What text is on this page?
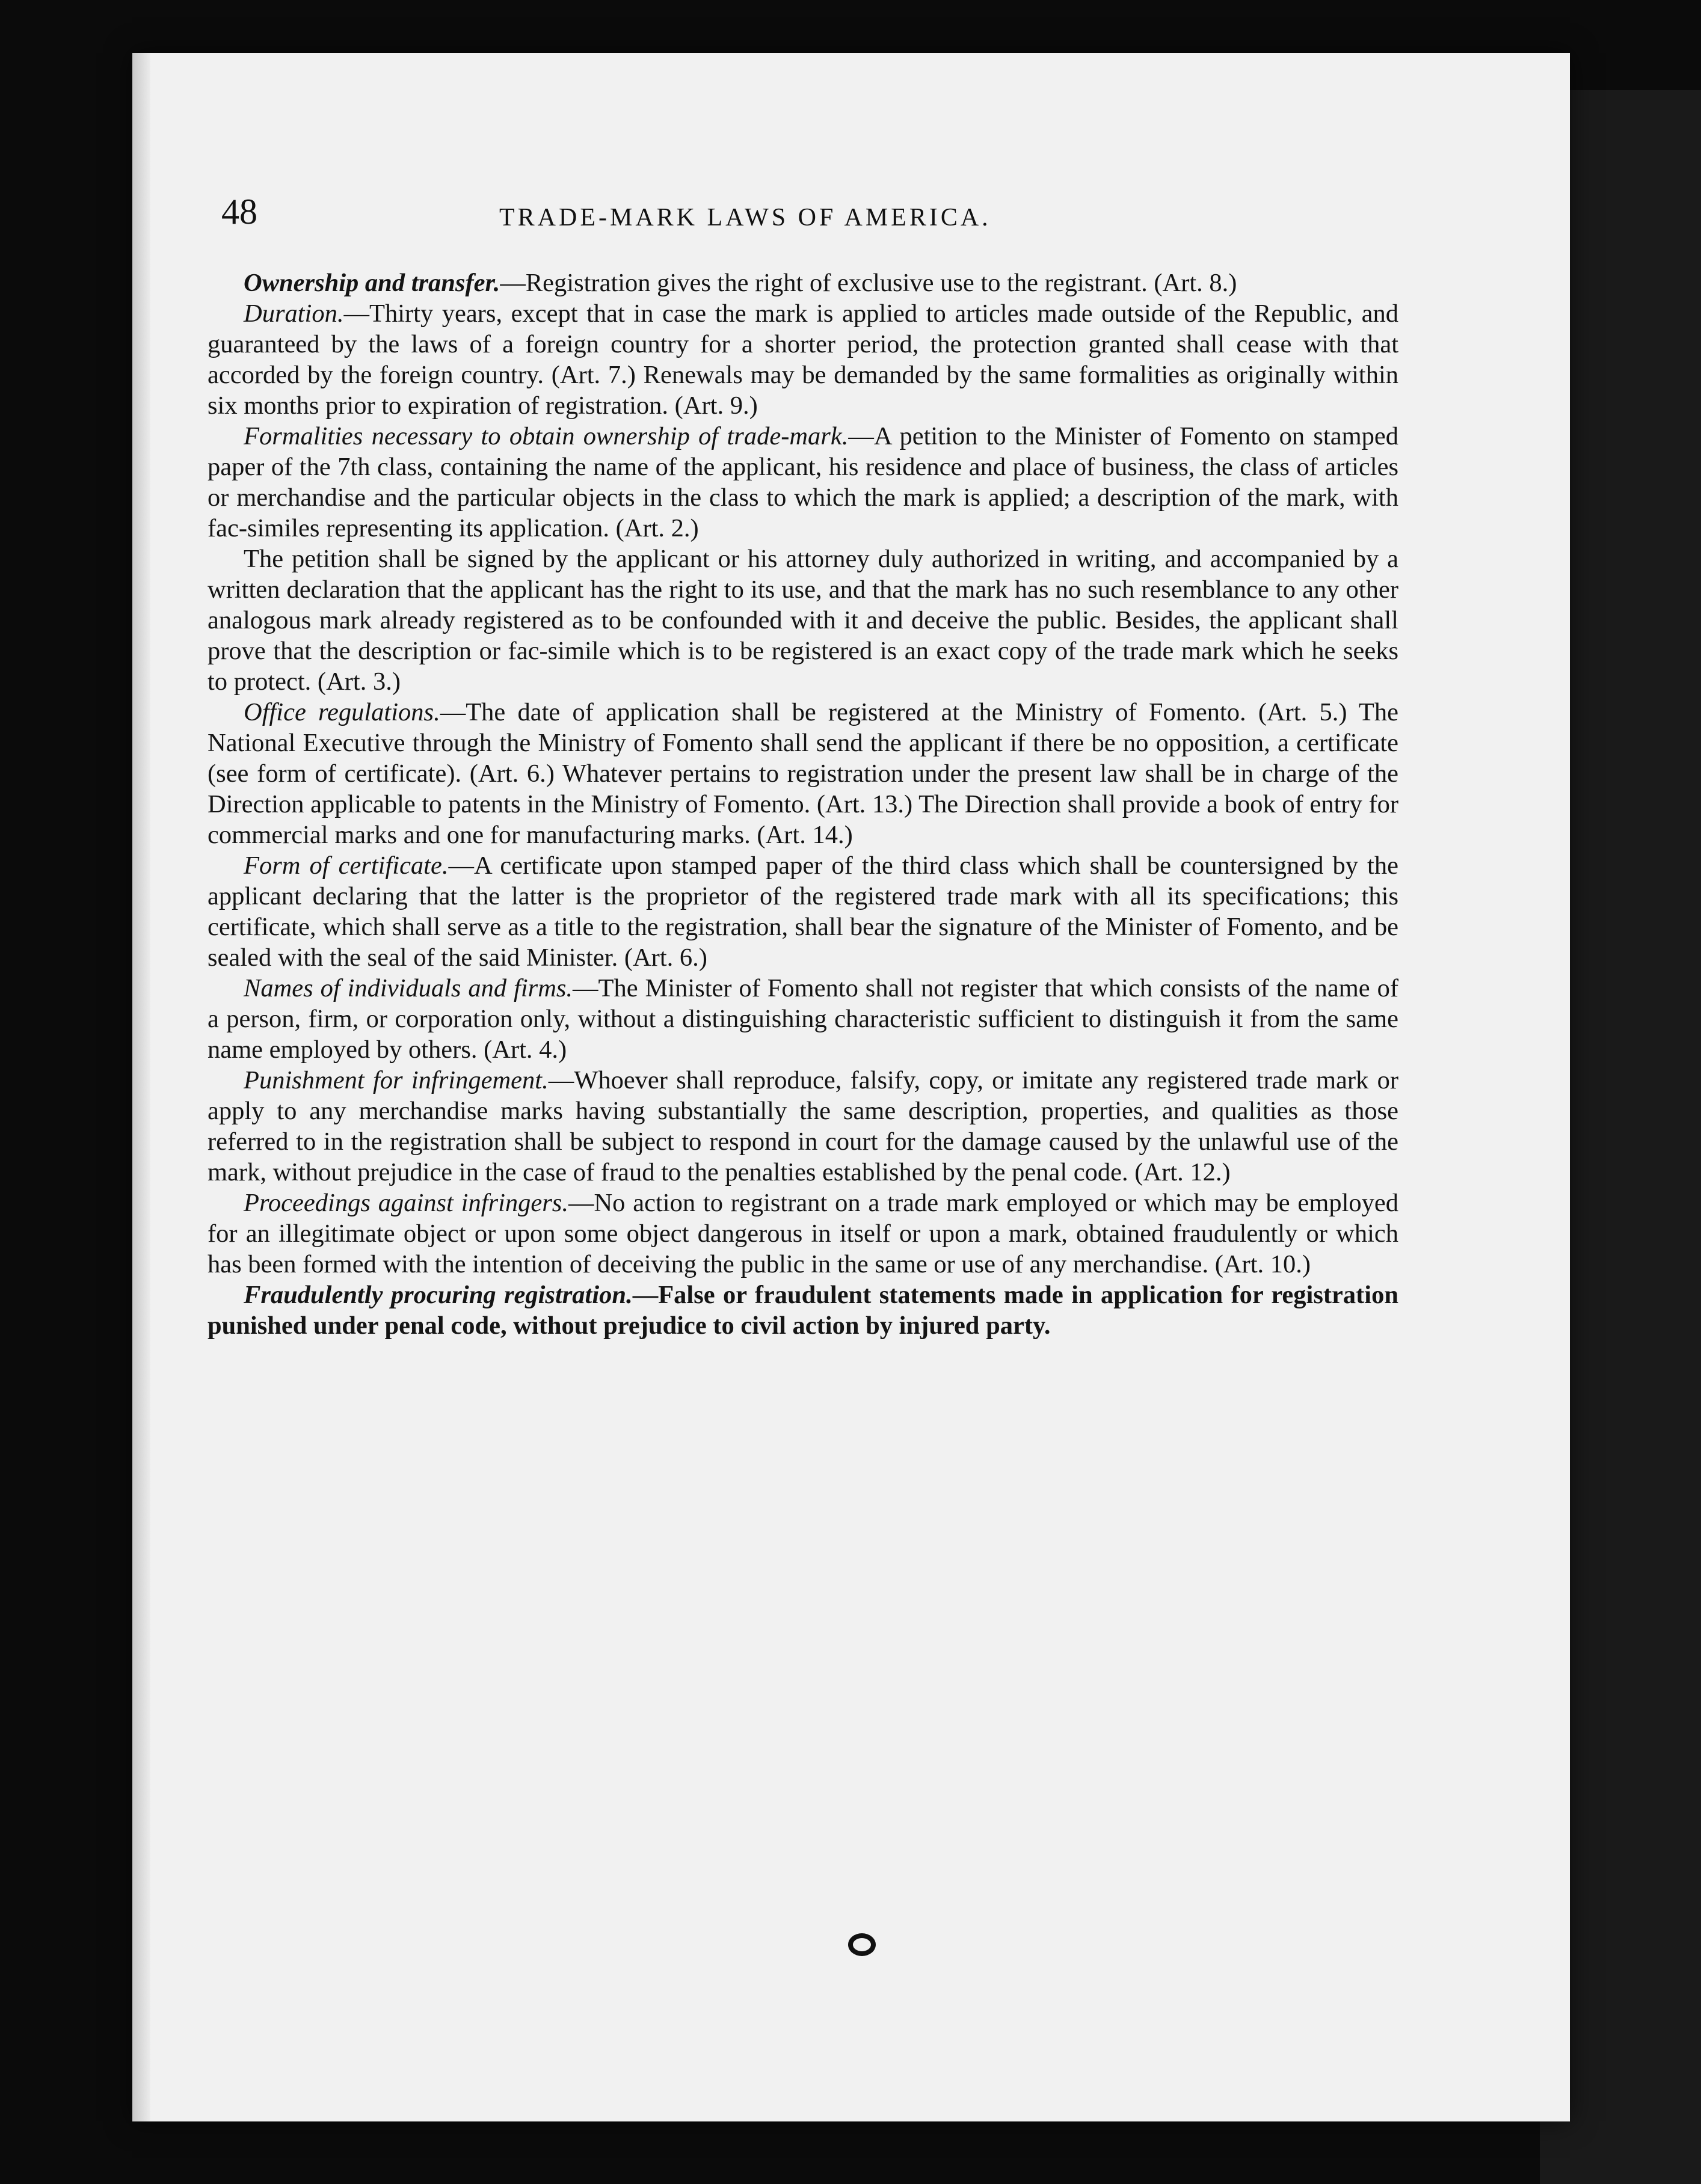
48	TRADE-MARK LAWS OF AMERICA.

Ownership and transfer.—Registration gives the right of exclusive use to the registrant. (Art. 8.)

Duration.—Thirty years, except that in case the mark is applied to articles made outside of the Republic, and guaranteed by the laws of a foreign country for a shorter period, the protection granted shall cease with that accorded by the foreign country. (Art. 7.) Renewals may be demanded by the same formalities as originally within six months prior to expiration of registration. (Art. 9.)

Formalities necessary to obtain ownership of trade-mark.—A petition to the Minister of Fomento on stamped paper of the 7th class, containing the name of the applicant, his residence and place of business, the class of articles or merchandise and the particular objects in the class to which the mark is applied; a description of the mark, with fac-similes representing its application. (Art. 2.)

The petition shall be signed by the applicant or his attorney duly authorized in writing, and accompanied by a written declaration that the applicant has the right to its use, and that the mark has no such resemblance to any other analogous mark already registered as to be confounded with it and deceive the public. Besides, the applicant shall prove that the description or fac-simile which is to be registered is an exact copy of the trade mark which he seeks to protect. (Art. 3.)

Office regulations.—The date of application shall be registered at the Ministry of Fomento. (Art. 5.) The National Executive through the Ministry of Fomento shall send the applicant if there be no opposition, a certificate (see form of certificate). (Art. 6.) Whatever pertains to registration under the present law shall be in charge of the Direction applicable to patents in the Ministry of Fomento. (Art. 13.) The Direction shall provide a book of entry for commercial marks and one for manufacturing marks. (Art. 14.)

Form of certificate.—A certificate upon stamped paper of the third class which shall be countersigned by the applicant declaring that the latter is the proprietor of the registered trade mark with all its specifications; this certificate, which shall serve as a title to the registration, shall bear the signature of the Minister of Fomento, and be sealed with the seal of the said Minister. (Art. 6.)

Names of individuals and firms.—The Minister of Fomento shall not register that which consists of the name of a person, firm, or corporation only, without a distinguishing characteristic sufficient to distinguish it from the same name employed by others. (Art. 4.)

Punishment for infringement.—Whoever shall reproduce, falsify, copy, or imitate any registered trade mark or apply to any merchandise marks having substantially the same description, properties, and qualities as those referred to in the registration shall be subject to respond in court for the damage caused by the unlawful use of the mark, without prejudice in the case of fraud to the penalties established by the penal code. (Art. 12.)

Proceedings against infringers.—No action to registrant on a trade mark employed or which may be employed for an illegitimate object or upon some object dangerous in itself or upon a mark, obtained fraudulently or which has been formed with the intention of deceiving the public in the same or use of any merchandise. (Art. 10.)

Fraudulently procuring registration.—False or fraudulent statements made in application for registration punished under penal code, without prejudice to civil action by injured party.
